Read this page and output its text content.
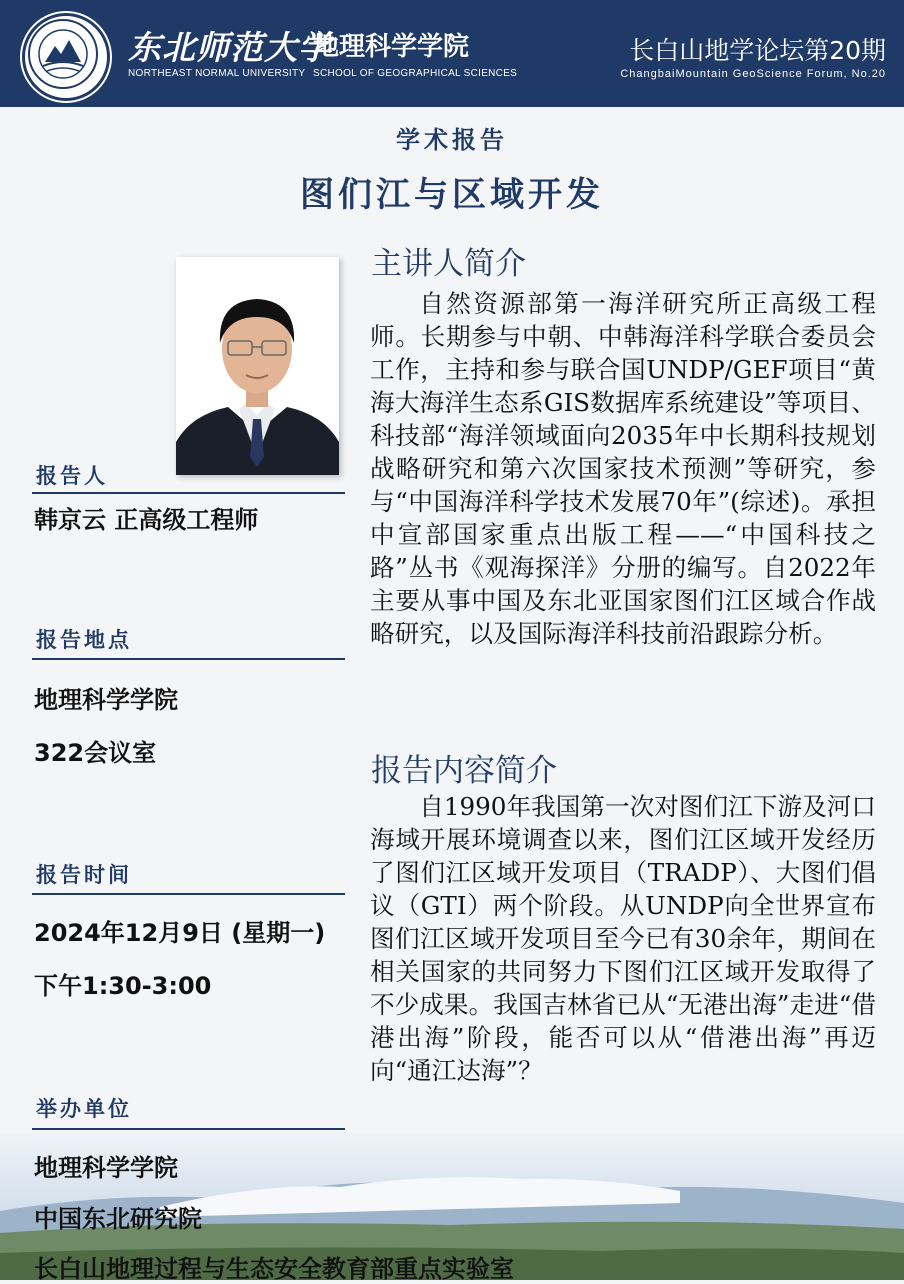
东北师范大学
地理科学学院
NORTHEAST NORMAL UNIVERSITY SCHOOL OF GEOGRAPHICAL SCIENCES
长白山地学论坛第20期
ChangbaiMountain GeoScience Forum, No.20
学术报告
图们江与区域开发
报告人
韩京云 正高级工程师
报告地点
地理科学学院
322会议室
报告时间
2024年12月9日 (星期一)
下午1:30-3:00
主讲人简介

自然资源部第一海洋研究所正高级工程师。长期参与中朝、中韩海洋科学联合委员会工作，主持和参与联合国UNDP/GEF项目“黄海大海洋生态系GIS数据库系统建设”等项目、科技部“海洋领域面向2035年中长期科技规划战略研究和第六次国家技术预测”等研究，参与“中国海洋科学技术发展70年”(综述)。承担中宣部国家重点出版工程——“中国科技之路”丛书《观海探洋》分册的编写。自2022年主要从事中国及东北亚国家图们江区域合作战略研究，以及国际海洋科技前沿跟踪分析。

报告内容简介

自1990年我国第一次对图们江下游及河口海域开展环境调查以来，图们江区域开发经历了图们江区域开发项目（TRADP）、大图们倡议（GTI）两个阶段。从UNDP向全世界宣布图们江区域开发项目至今已有30余年，期间在相关国家的共同努力下图们江区域开发取得了不少成果。我国吉林省已从“无港出海”走进“借港出海”阶段，能否可以从“借港出海”再迈向“通江达海”？

举办单位
地理科学学院
中国东北研究院
长白山地理过程与生态安全教育部重点实验室
